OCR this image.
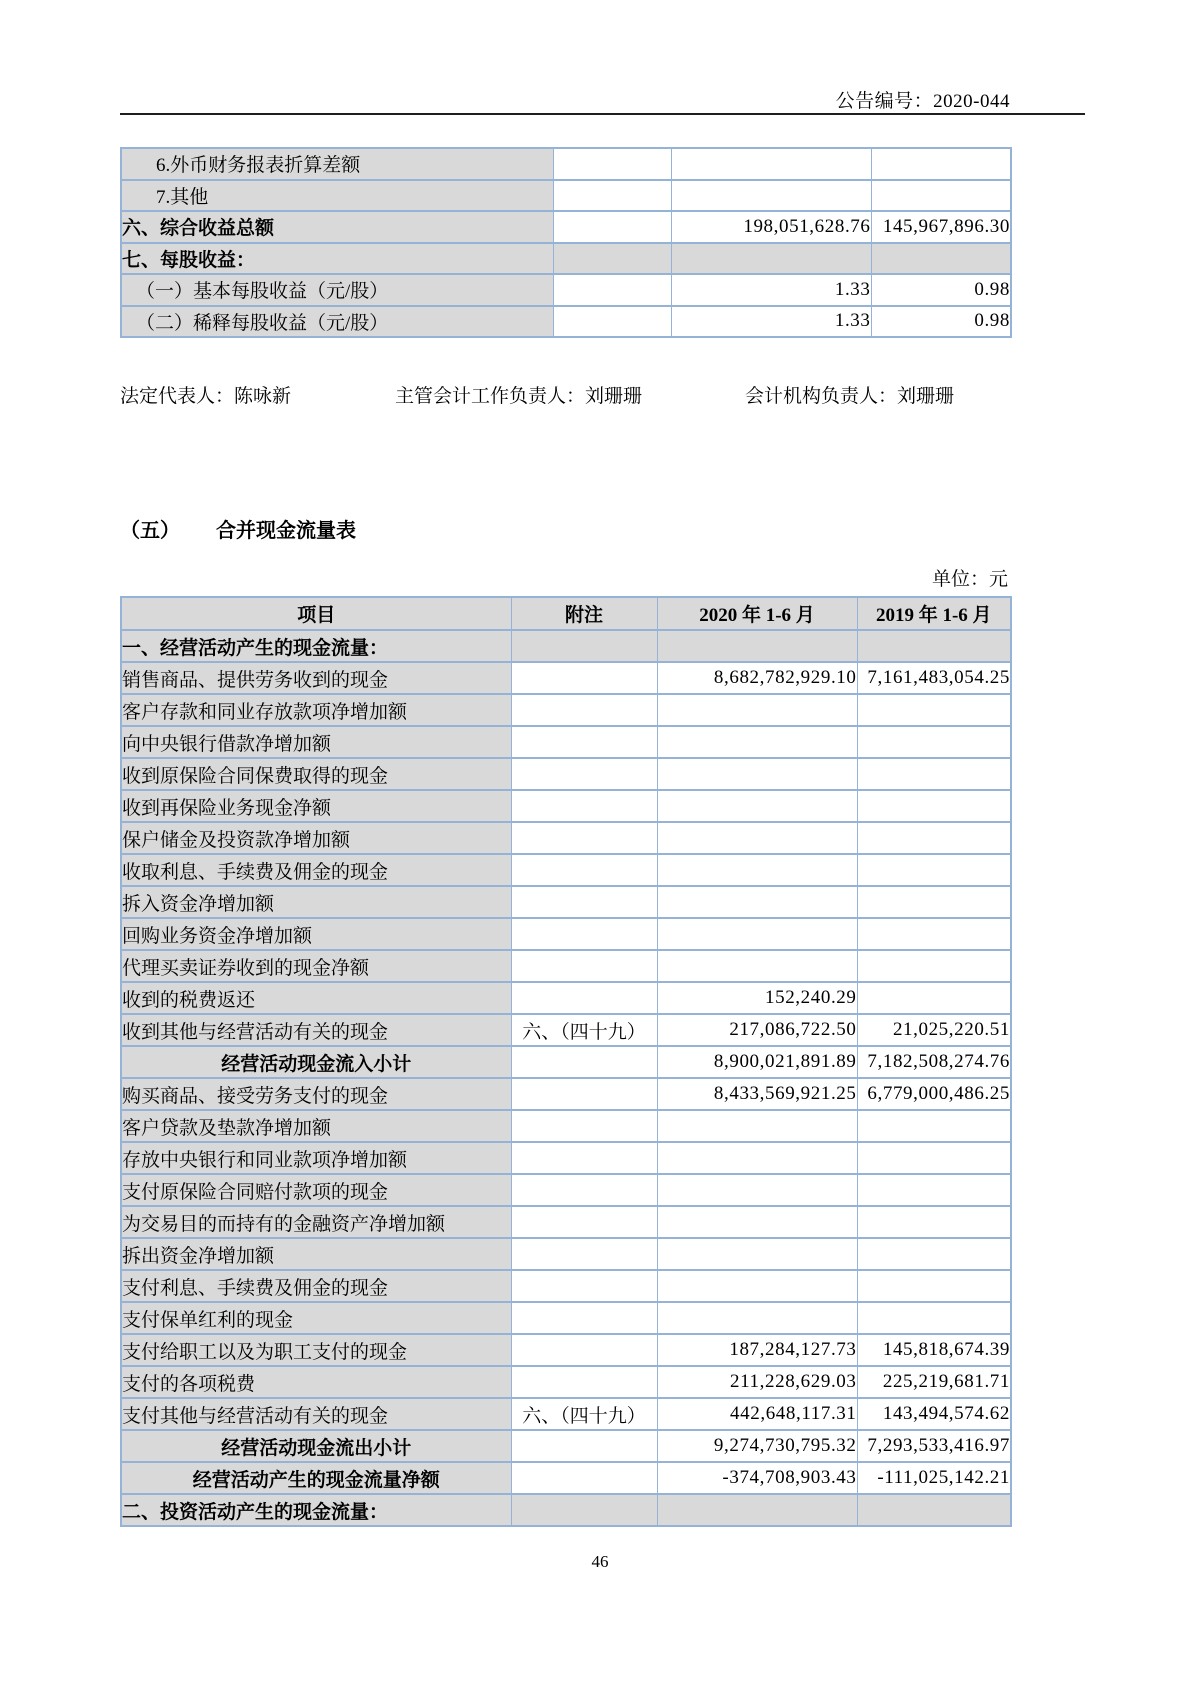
公告编号：2020-044
6.外币财务报表折算差额			
7.其他			
六、综合收益总额		198,051,628.76	145,967,896.30
七、每股收益：			
（一）基本每股收益（元/股）		1.33	0.98
（二）稀释每股收益（元/股）		1.33	0.98
法定代表人：陈咏新	主管会计工作负责人：刘珊珊	会计机构负责人：刘珊珊
（五） 合并现金流量表
单位：元
项目	附注	2020 年 1-6 月	2019 年 1-6 月
一、经营活动产生的现金流量：			
销售商品、提供劳务收到的现金		8,682,782,929.10	7,161,483,054.25
客户存款和同业存放款项净增加额			
向中央银行借款净增加额			
收到原保险合同保费取得的现金			
收到再保险业务现金净额			
保户储金及投资款净增加额			
收取利息、手续费及佣金的现金			
拆入资金净增加额			
回购业务资金净增加额			
代理买卖证券收到的现金净额			
收到的税费返还		152,240.29	
收到其他与经营活动有关的现金	六、（四十九）	217,086,722.50	21,025,220.51
经营活动现金流入小计		8,900,021,891.89	7,182,508,274.76
购买商品、接受劳务支付的现金		8,433,569,921.25	6,779,000,486.25
客户贷款及垫款净增加额			
存放中央银行和同业款项净增加额			
支付原保险合同赔付款项的现金			
为交易目的而持有的金融资产净增加额			
拆出资金净增加额			
支付利息、手续费及佣金的现金			
支付保单红利的现金			
支付给职工以及为职工支付的现金		187,284,127.73	145,818,674.39
支付的各项税费		211,228,629.03	225,219,681.71
支付其他与经营活动有关的现金	六、（四十九）	442,648,117.31	143,494,574.62
经营活动现金流出小计		9,274,730,795.32	7,293,533,416.97
经营活动产生的现金流量净额		-374,708,903.43	-111,025,142.21
二、投资活动产生的现金流量：			
46
